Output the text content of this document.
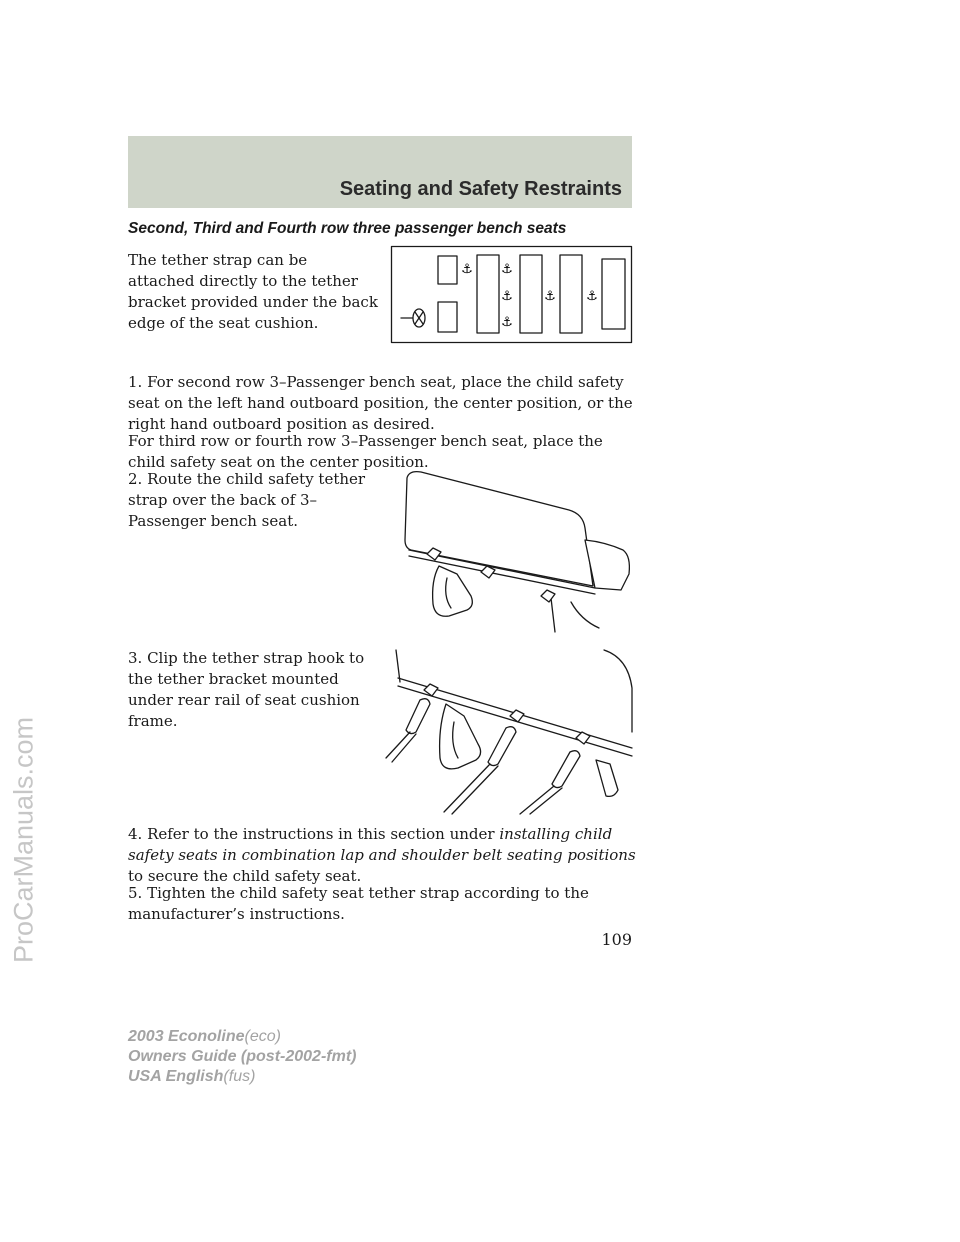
Seating and Safety Restraints
Second, Third and Fourth row three passenger bench seats

The tether strap can be attached directly to the tether bracket provided under the back edge of the seat cushion.

⚓ ⚓
⚓
⚓
⚓ ⚓

1. For second row 3–Passenger bench seat, place the child safety seat on the left hand outboard position, the center position, or the right hand outboard position as desired.

For third row or fourth row 3–Passenger bench seat, place the child safety seat on the center position.

2. Route the child safety tether strap over the back of 3–Passenger bench seat.

3. Clip the tether strap hook to the tether bracket mounted under rear rail of seat cushion frame.

4. Refer to the instructions in this section under installing child safety seats in combination lap and shoulder belt seating positions to secure the child safety seat.

5. Tighten the child safety seat tether strap according to the manufacturer’s instructions.

109
2003 Econoline(eco)
Owners Guide (post-2002-fmt)
USA English(fus)
ProCarManuals.com
